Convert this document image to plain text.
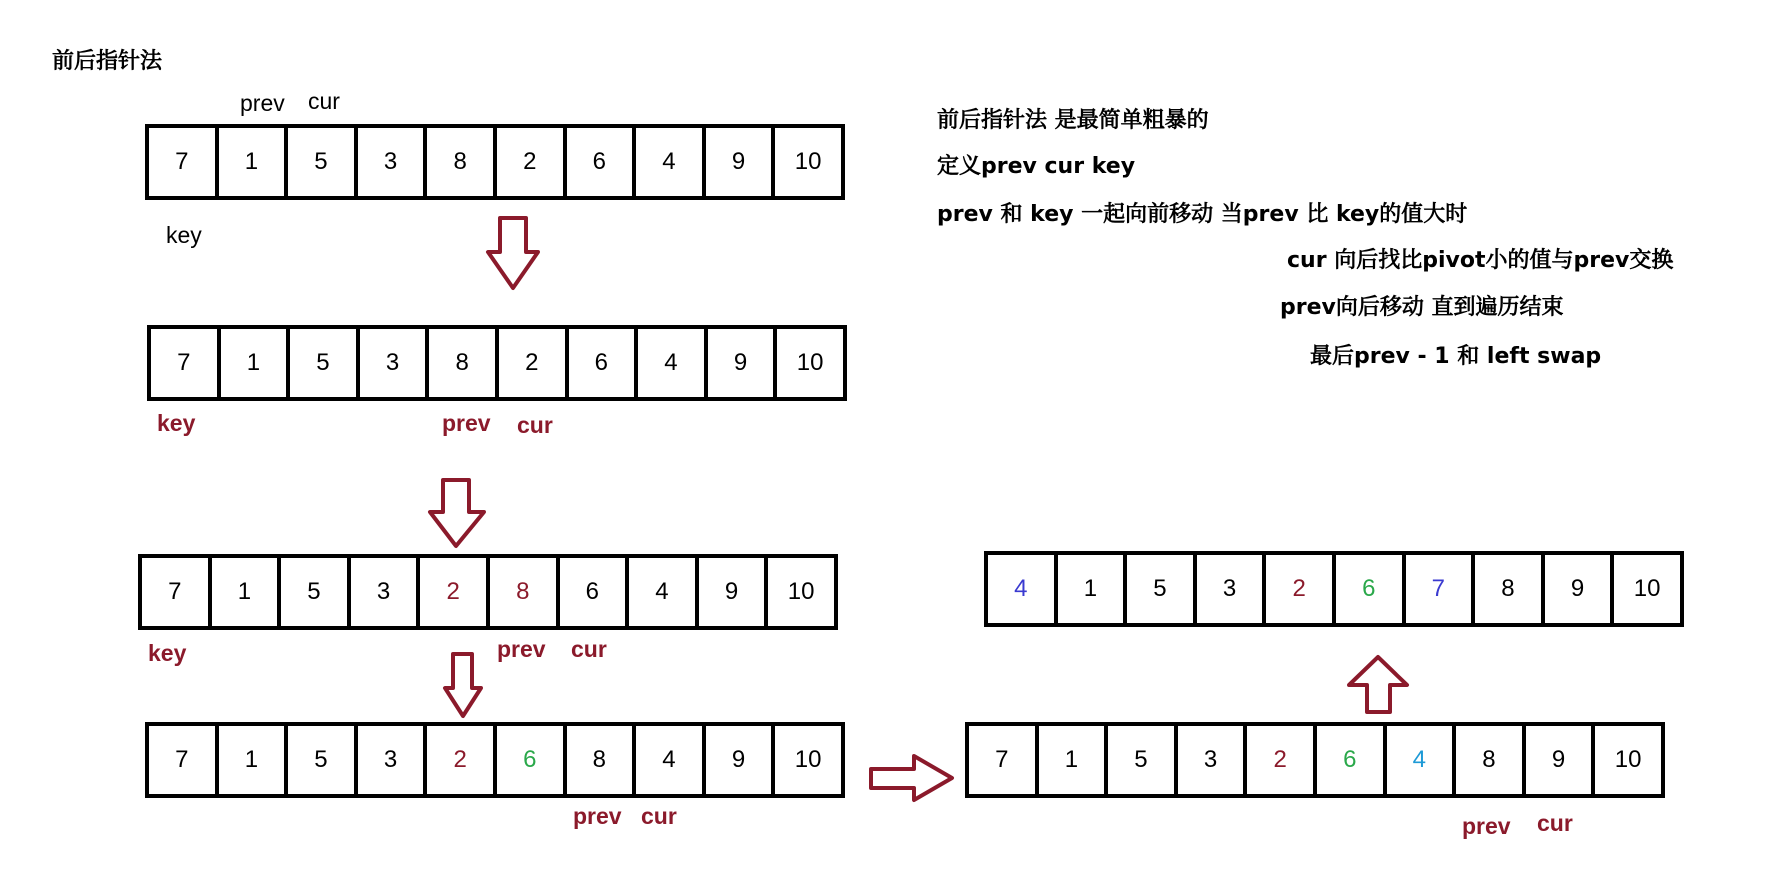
前后指针法
7	1	5	3	8	2	6	4	9	10
7	1	5	3	8	2	6	4	9	10
7	1	5	3	2	8	6	4	9	10
7	1	5	3	2	6	8	4	9	10	7	1	5	3	2	6	4	8	9	10
4	1	5	3	2	6	7	8	9	10
prev cur
key
key	prev cur
key	prev cur
prev cur	prev cur
前后指针法 是最简单粗暴的
定义prev cur key
prev 和 key 一起向前移动 当prev 比 key的值大时
cur 向后找比pivot小的值与prev交换
prev向后移动 直到遍历结束
最后prev - 1 和 left swap
